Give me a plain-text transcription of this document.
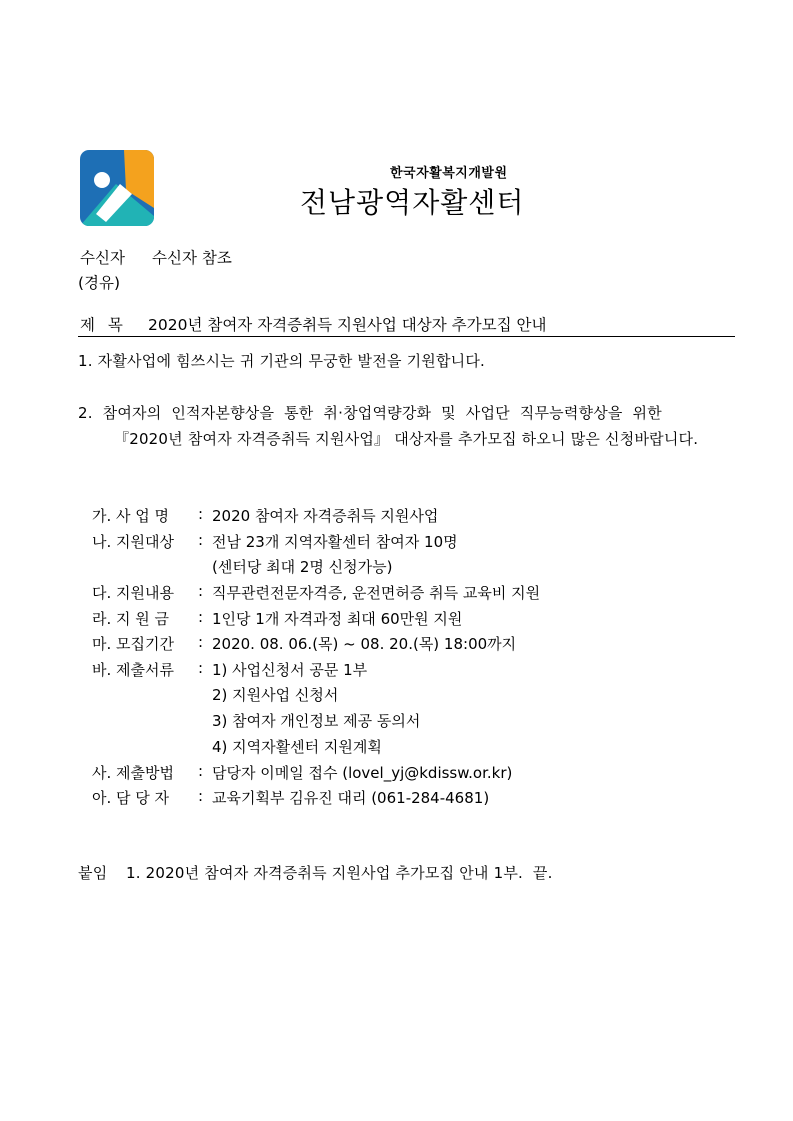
한국자활복지개발원
전남광역자활센터
수신자 수신자 참조
(경유)
제 목 2020년 참여자 자격증취득 지원사업 대상자 추가모집 안내
1. 자활사업에 힘쓰시는 귀 기관의 무궁한 발전을 기원합니다.
2.  참여자의  인적자본향상을  통한  취·창업역량강화  및  사업단  직무능력향상을  위한
『2020년 참여자 자격증취득 지원사업』 대상자를 추가모집 하오니 많은 신청바랍니다.
가. 사 업 명 : 2020 참여자 자격증취득 지원사업
나. 지원대상 : 전남 23개 지역자활센터 참여자 10명
(센터당 최대 2명 신청가능)
다. 지원내용 : 직무관련전문자격증, 운전면허증 취득 교육비 지원
라. 지 원 금 : 1인당 1개 자격과정 최대 60만원 지원
마. 모집기간 : 2020. 08. 06.(목) ~ 08. 20.(목) 18:00까지
바. 제출서류 : 1) 사업신청서 공문 1부
2) 지원사업 신청서
3) 참여자 개인정보 제공 동의서
4) 지역자활센터 지원계획
사. 제출방법 : 담당자 이메일 접수 (lovel_yj@kdissw.or.kr)
아. 담 당 자 : 교육기획부 김유진 대리 (061-284-4681)
붙임 1. 2020년 참여자 자격증취득 지원사업 추가모집 안내 1부.  끝.
